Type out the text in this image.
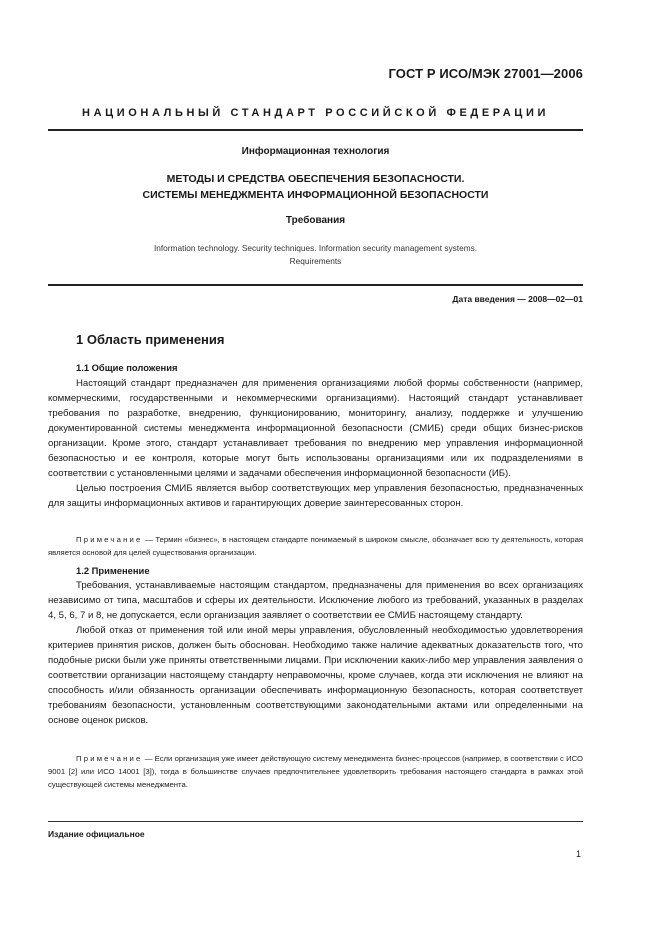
ГОСТ Р ИСО/МЭК 27001—2006
НАЦИОНАЛЬНЫЙ СТАНДАРТ РОССИЙСКОЙ ФЕДЕРАЦИИ
Информационная технология
МЕТОДЫ И СРЕДСТВА ОБЕСПЕЧЕНИЯ БЕЗОПАСНОСТИ.
СИСТЕМЫ МЕНЕДЖМЕНТА ИНФОРМАЦИОННОЙ БЕЗОПАСНОСТИ
Требования
Information technology. Security techniques. Information security management systems.
Requirements
Дата введения — 2008—02—01
1 Область применения
1.1 Общие положения

Настоящий стандарт предназначен для применения организациями любой формы собственности (например, коммерческими, государственными и некоммерческими организациями). Настоящий стандарт устанавливает требования по разработке, внедрению, функционированию, мониторингу, анализу, поддержке и улучшению документированной системы менеджмента информационной безопасности (СМИБ) среди общих бизнес-рисков организации. Кроме этого, стандарт устанавливает требования по внедрению мер управления информационной безопасностью и ее контроля, которые могут быть использованы организациями или их подразделениями в соответствии с установленными целями и задачами обеспечения информационной безопасности (ИБ).

Целью построения СМИБ является выбор соответствующих мер управления безопасностью, предназначенных для защиты информационных активов и гарантирующих доверие заинтересованных сторон.

Примечание — Термин «бизнес», в настоящем стандарте понимаемый в широком смысле, обозначает всю ту деятельность, которая является основой для целей существования организации.

1.2 Применение

Требования, устанавливаемые настоящим стандартом, предназначены для применения во всех организациях независимо от типа, масштабов и сферы их деятельности. Исключение любого из требований, указанных в разделах 4, 5, 6, 7 и 8, не допускается, если организация заявляет о соответствии ее СМИБ настоящему стандарту.

Любой отказ от применения той или иной меры управления, обусловленный необходимостью удовлетворения критериев принятия рисков, должен быть обоснован. Необходимо также наличие адекватных доказательств того, что подобные риски были уже приняты ответственными лицами. При исключении каких-либо мер управления заявления о соответствии организации настоящему стандарту неправомочны, кроме случаев, когда эти исключения не влияют на способность и/или обязанность организации обеспечивать информационную безопасность, которая соответствует требованиям безопасности, установленным соответствующими законодательными актами или определенными на основе оценок рисков.

Примечание — Если организация уже имеет действующую систему менеджмента бизнес-процессов (например, в соответствии с ИСО 9001 [2] или ИСО 14001 [3]), тогда в большинстве случаев предпочтительнее удовлетворить требования настоящего стандарта в рамках этой существующей системы менеджмента.

Издание официальное
1
